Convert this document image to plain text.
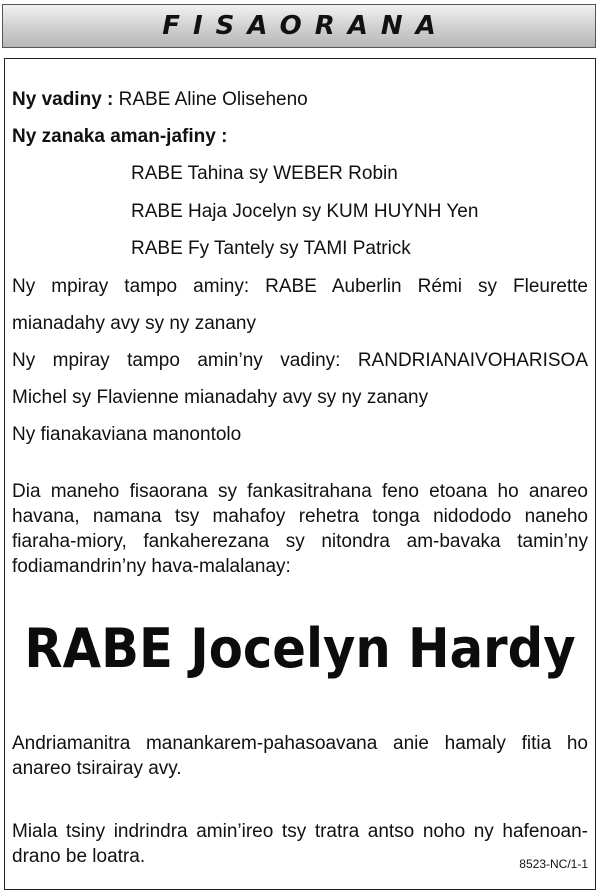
FISAORANA
Ny vadiny : RABE Aline Oliseheno
Ny zanaka aman-jafiny :
RABE Tahina sy WEBER Robin
RABE Haja Jocelyn sy KUM HUYNH Yen
RABE Fy Tantely sy TAMI Patrick
Ny mpiray tampo aminy: RABE Auberlin Rémi sy Fleurette
mianadahy avy sy ny zanany
Ny mpiray tampo amin’ny vadiny: RANDRIANAIVOHARISOA
Michel sy Flavienne mianadahy avy sy ny zanany
Ny fianakaviana manontolo
Dia maneho fisaorana sy fankasitrahana feno etoana ho anareo havana, namana tsy mahafoy rehetra tonga nidododo naneho fiaraha-miory, fankaherezana sy nitondra am-bavaka tamin’ny fodiamandrin’ny hava-malalanay:
RABE Jocelyn Hardy
Andriamanitra manankarem-pahasoavana anie hamaly fitia ho anareo tsirairay avy.
Miala tsiny indrindra amin’ireo tsy tratra antso noho ny hafenoan-drano be loatra.	8523-NC/1-1
